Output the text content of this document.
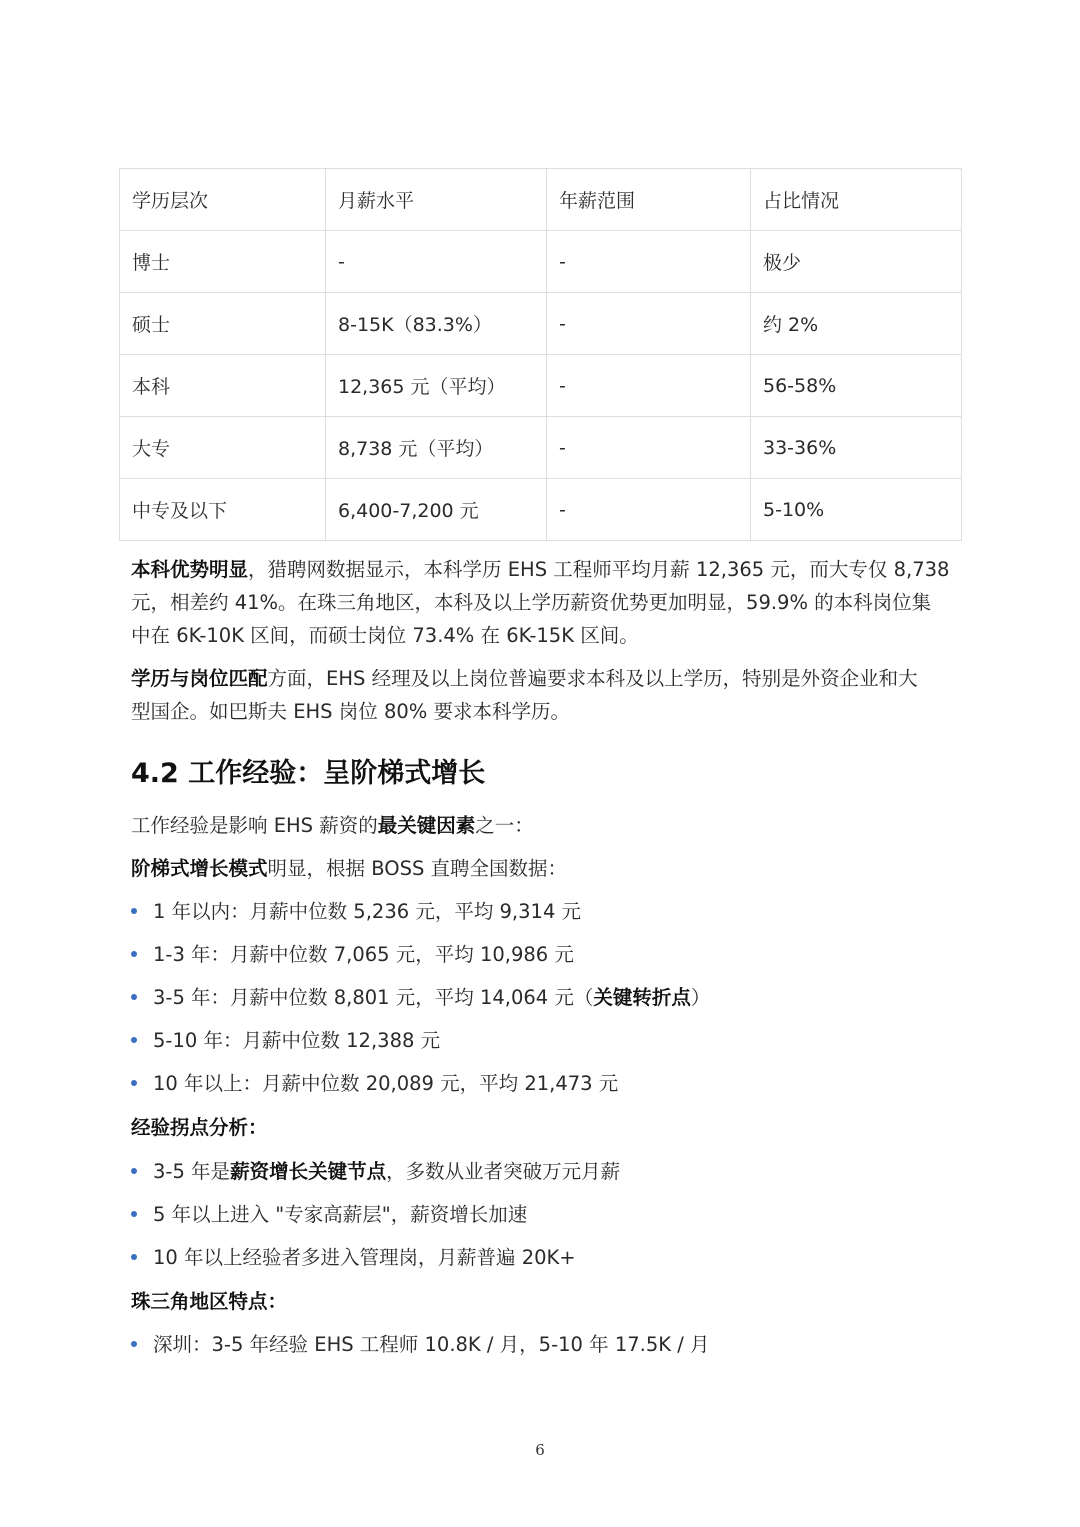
学历层次	月薪水平	年薪范围	占比情况
博士	-	-	极少
硕士	8-15K（83.3%）	-	约 2%
本科	12,365 元（平均）	-	56-58%
大专	8,738 元（平均）	-	33-36%
中专及以下	6,400-7,200 元	-	5-10%
本科优势明显，猎聘网数据显示，本科学历 EHS 工程师平均月薪 12,365 元，而大专仅 8,738
元，相差约 41%。在珠三角地区，本科及以上学历薪资优势更加明显，59.9% 的本科岗位集
中在 6K-10K 区间，而硕士岗位 73.4% 在 6K-15K 区间。
学历与岗位匹配方面，EHS 经理及以上岗位普遍要求本科及以上学历，特别是外资企业和大
型国企。如巴斯夫 EHS 岗位 80% 要求本科学历。
4.2 工作经验：呈阶梯式增长
工作经验是影响 EHS 薪资的最关键因素之一：
阶梯式增长模式明显，根据 BOSS 直聘全国数据：
1 年以内：月薪中位数 5,236 元，平均 9,314 元
1-3 年：月薪中位数 7,065 元，平均 10,986 元
3-5 年：月薪中位数 8,801 元，平均 14,064 元（关键转折点）
5-10 年：月薪中位数 12,388 元
10 年以上：月薪中位数 20,089 元，平均 21,473 元
经验拐点分析：
3-5 年是薪资增长关键节点，多数从业者突破万元月薪
5 年以上进入 "专家高薪层"，薪资增长加速
10 年以上经验者多进入管理岗，月薪普遍 20K+
珠三角地区特点：
深圳：3-5 年经验 EHS 工程师 10.8K / 月，5-10 年 17.5K / 月
6
